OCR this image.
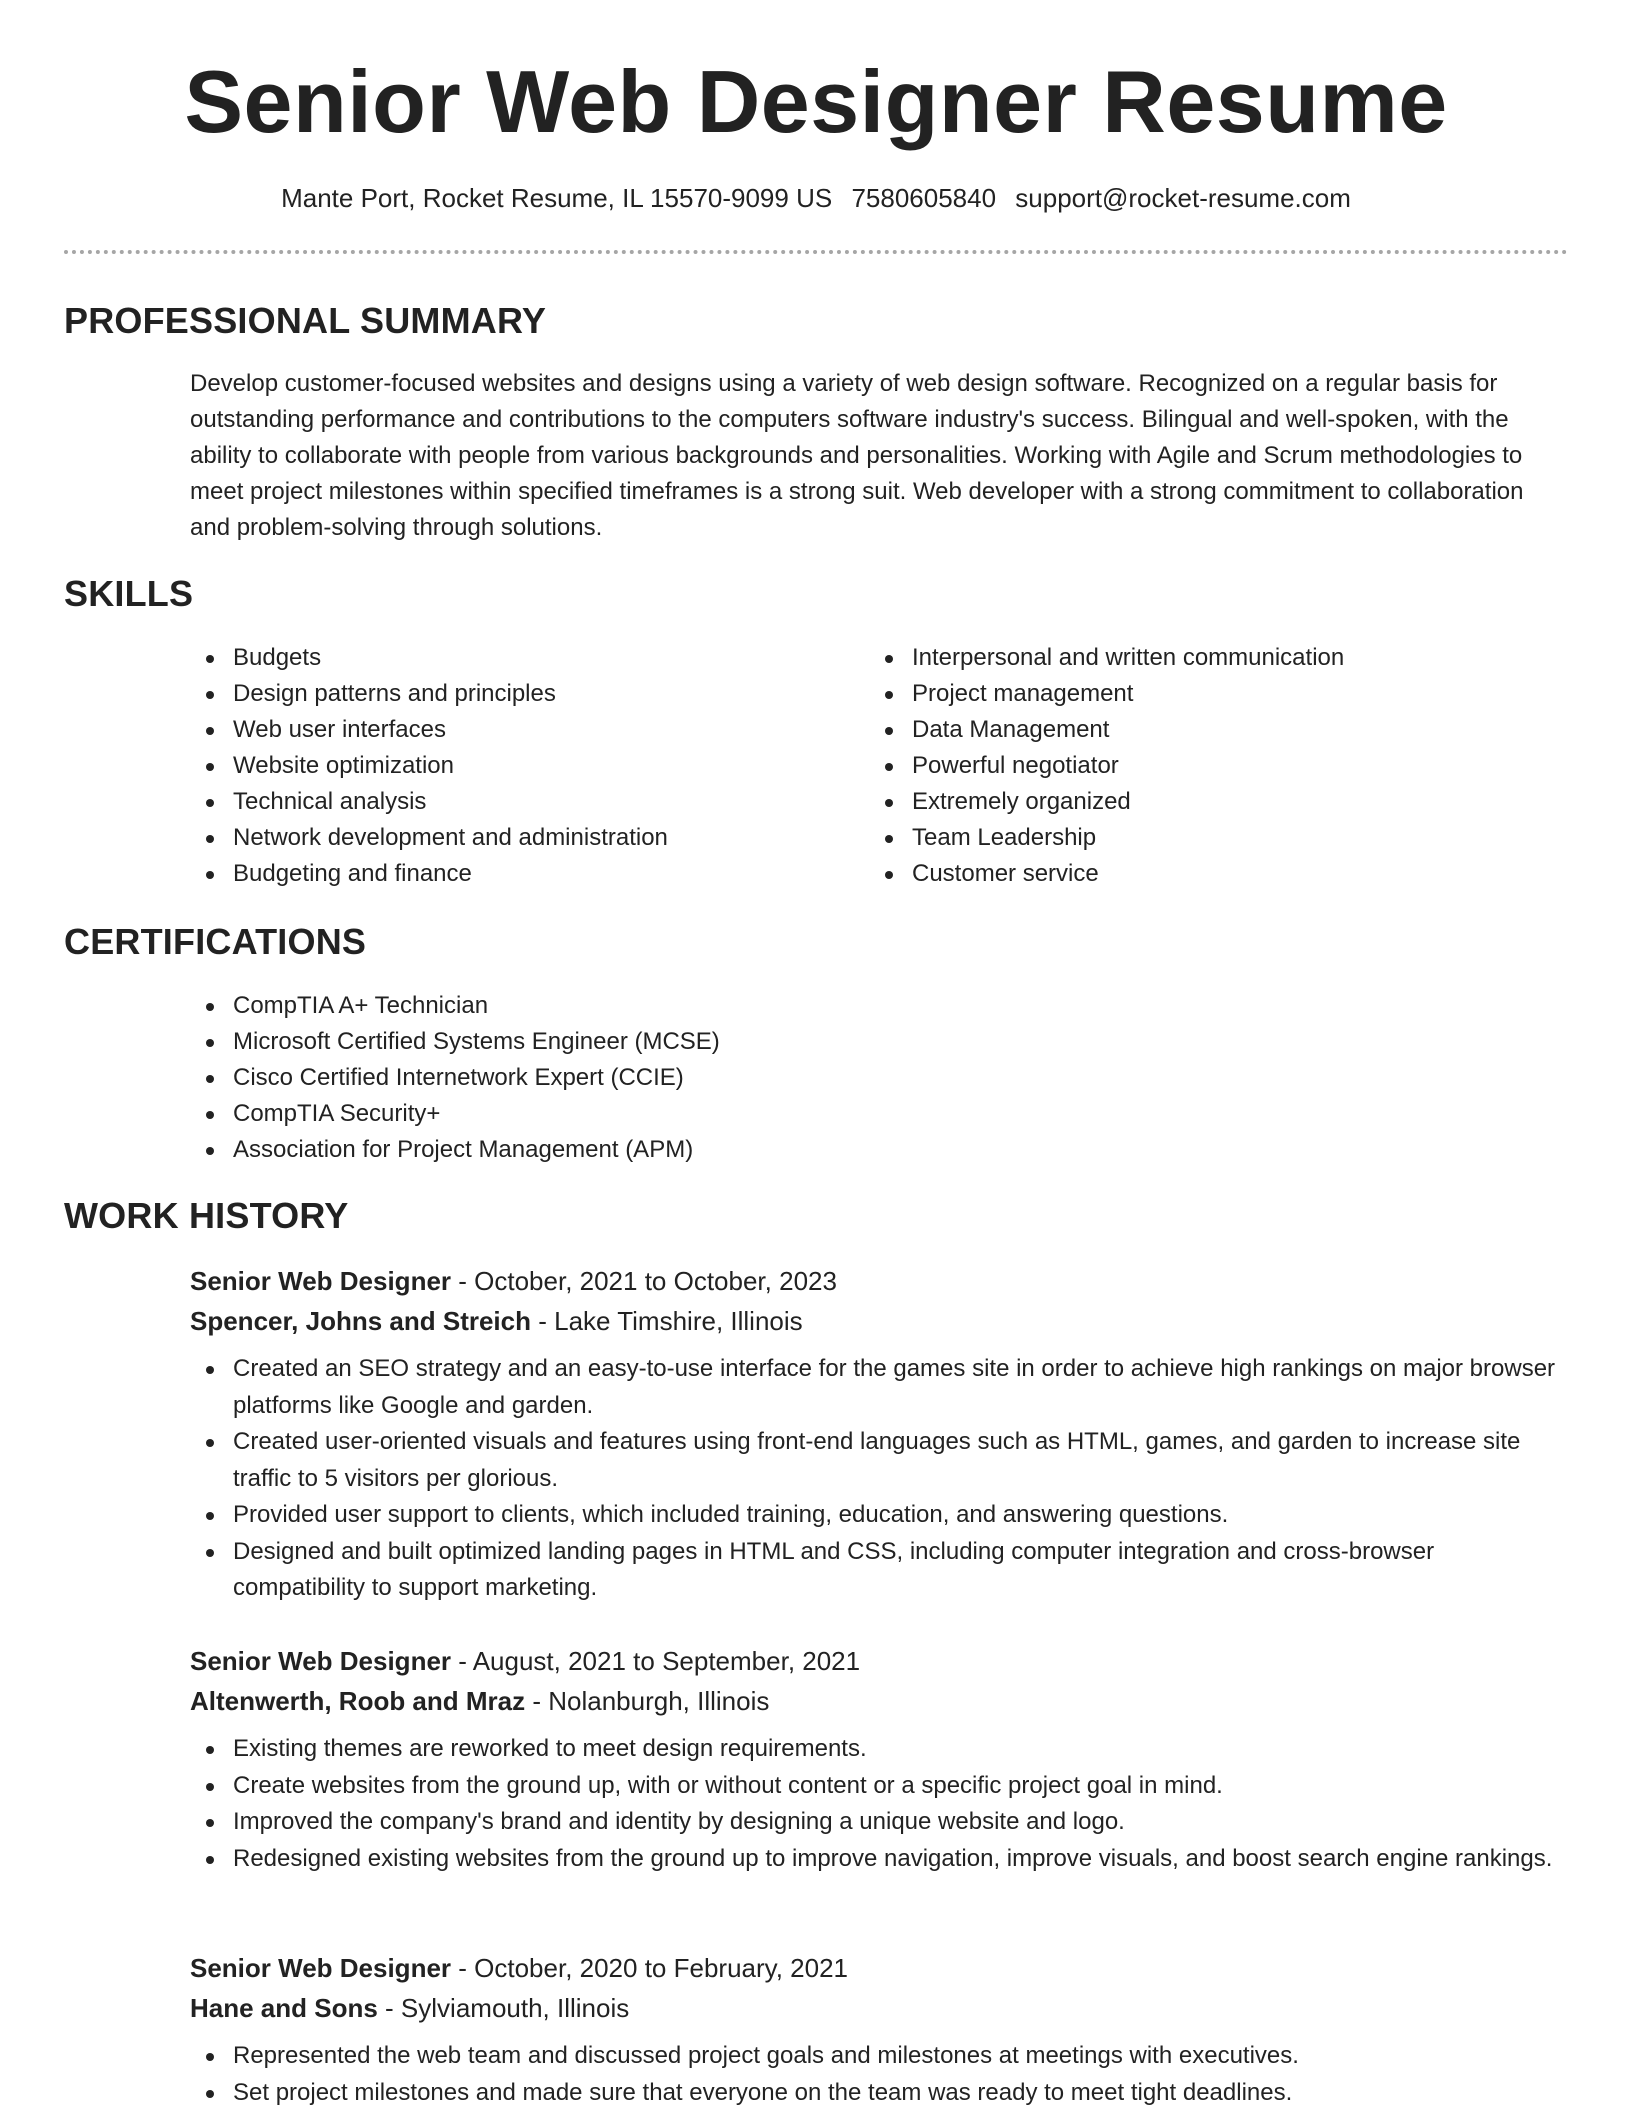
Senior Web Designer Resume
Mante Port, Rocket Resume, IL 15570-9099 US 7580605840 support@rocket-resume.com
PROFESSIONAL SUMMARY
Develop customer-focused websites and designs using a variety of web design software. Recognized on a regular basis for outstanding performance and contributions to the computers software industry's success. Bilingual and well-spoken, with the ability to collaborate with people from various backgrounds and personalities. Working with Agile and Scrum methodologies to meet project milestones within specified timeframes is a strong suit. Web developer with a strong commitment to collaboration and problem-solving through solutions.
SKILLS
Budgets
Design patterns and principles
Web user interfaces
Website optimization
Technical analysis
Network development and administration
Budgeting and finance
Interpersonal and written communication
Project management
Data Management
Powerful negotiator
Extremely organized
Team Leadership
Customer service
CERTIFICATIONS
CompTIA A+ Technician
Microsoft Certified Systems Engineer (MCSE)
Cisco Certified Internetwork Expert (CCIE)
CompTIA Security+
Association for Project Management (APM)
WORK HISTORY
Senior Web Designer - October, 2021 to October, 2023
Spencer, Johns and Streich - Lake Timshire, Illinois
Created an SEO strategy and an easy-to-use interface for the games site in order to achieve high rankings on major browser platforms like Google and garden.
Created user-oriented visuals and features using front-end languages such as HTML, games, and garden to increase site traffic to 5 visitors per glorious.
Provided user support to clients, which included training, education, and answering questions.
Designed and built optimized landing pages in HTML and CSS, including computer integration and cross-browser compatibility to support marketing.
Senior Web Designer - August, 2021 to September, 2021
Altenwerth, Roob and Mraz - Nolanburgh, Illinois
Existing themes are reworked to meet design requirements.
Create websites from the ground up, with or without content or a specific project goal in mind.
Improved the company's brand and identity by designing a unique website and logo.
Redesigned existing websites from the ground up to improve navigation, improve visuals, and boost search engine rankings.
Senior Web Designer - October, 2020 to February, 2021
Hane and Sons - Sylviamouth, Illinois
Represented the web team and discussed project goals and milestones at meetings with executives.
Set project milestones and made sure that everyone on the team was ready to meet tight deadlines.
